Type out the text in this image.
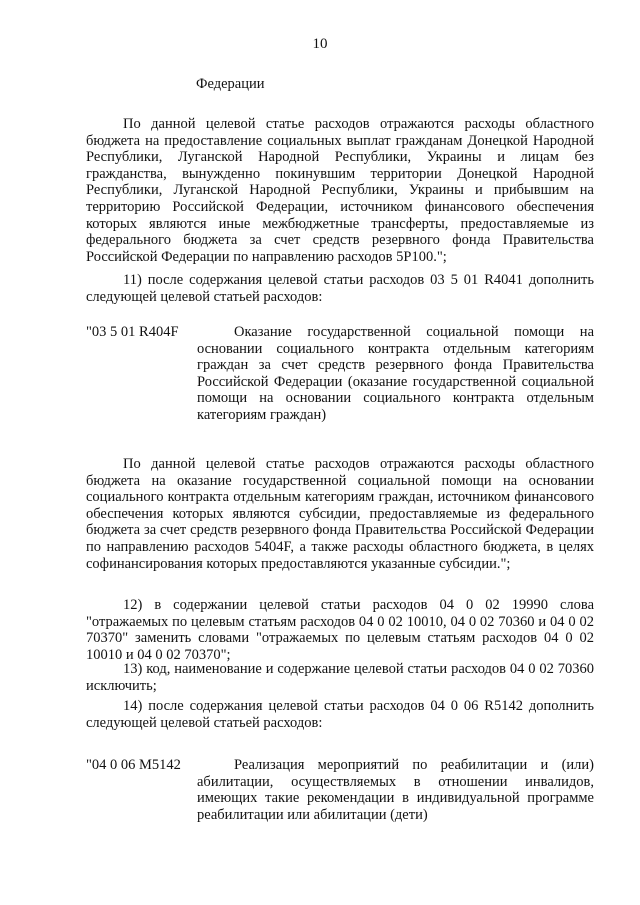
10
Федерации

По данной целевой статье расходов отражаются расходы областного бюджета на предоставление социальных выплат гражданам Донецкой Народной Республики, Луганской Народной Республики, Украины и лицам без гражданства, вынужденно покинувшим территории Донецкой Народной Республики, Луганской Народной Республики, Украины и прибывшим на территорию Российской Федерации, источником финансового обеспечения которых являются иные межбюджетные трансферты, предоставляемые из федерального бюджета за счет средств резервного фонда Правительства Российской Федерации по направлению расходов 5Р100.";

11) после содержания целевой статьи расходов 03 5 01 R4041 дополнить следующей целевой статьей расходов:

"03 5 01 R404F	Оказание государственной социальной помощи на основании социального контракта отдельным категориям граждан за счет средств резервного фонда Правительства Российской Федерации (оказание государственной социальной помощи на основании социального контракта отдельным категориям граждан)

По данной целевой статье расходов отражаются расходы областного бюджета на оказание государственной социальной помощи на основании социального контракта отдельным категориям граждан, источником финансового обеспечения которых являются субсидии, предоставляемые из федерального бюджета за счет средств резервного фонда Правительства Российской Федерации по направлению расходов 5404F, а также расходы областного бюджета, в целях софинансирования которых предоставляются указанные субсидии.";

12) в содержании целевой статьи расходов 04 0 02 19990 слова "отражаемых по целевым статьям расходов 04 0 02 10010, 04 0 02 70360 и 04 0 02 70370" заменить словами "отражаемых по целевым статьям расходов 04 0 02 10010 и 04 0 02 70370";

13) код, наименование и содержание целевой статьи расходов 04 0 02 70360 исключить;

14) после содержания целевой статьи расходов 04 0 06 R5142 дополнить следующей целевой статьей расходов:

"04 0 06 M5142	Реализация мероприятий по реабилитации и (или) абилитации, осуществляемых в отношении инвалидов, имеющих такие рекомендации в индивидуальной программе реабилитации или абилитации (дети)
